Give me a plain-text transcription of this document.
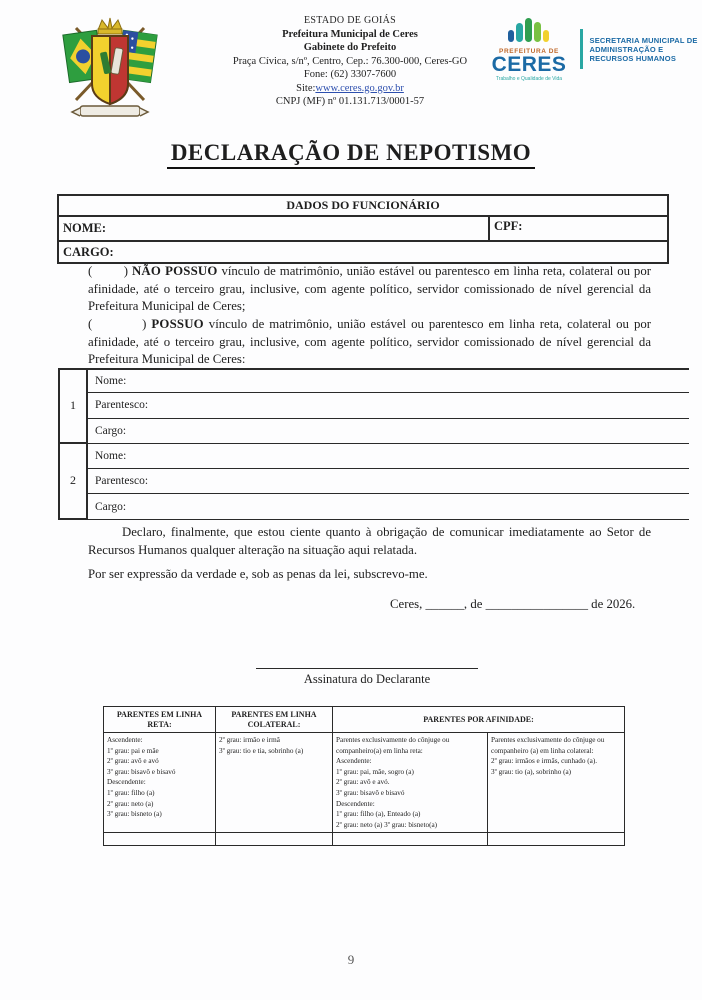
ESTADO DE GOIÁS
Prefeitura Municipal de Ceres
Gabinete do Prefeito
Praça Cívica, s/nº, Centro, Cep.: 76.300-000, Ceres-GO
Fone: (62) 3307-7600
Site:www.ceres.go.gov.br
CNPJ (MF) nº 01.131.713/0001-57
PREFEITURA DE
CERES
Trabalho e Qualidade de Vida
SECRETARIA MUNICIPAL DE ADMINISTRAÇÃO E RECURSOS HUMANOS
DECLARAÇÃO DE NEPOTISMO
DADOS DO FUNCIONÁRIO
NOME:	CPF:
CARGO:
(        ) NÃO POSSUO vínculo de matrimônio, união estável ou parentesco em linha reta, colateral ou por afinidade, até o terceiro grau, inclusive, com agente político, servidor comissionado de nível gerencial da Prefeitura Municipal de Ceres;
(          ) POSSUO vínculo de matrimônio, união estável ou parentesco em linha reta, colateral ou por afinidade, até o terceiro grau, inclusive, com agente político, servidor comissionado de nível gerencial da Prefeitura Municipal de Ceres:
1
Nome:
Parentesco:
Cargo:
2
Nome:
Parentesco:
Cargo:
Declaro, finalmente, que estou ciente quanto à obrigação de comunicar imediatamente ao Setor de Recursos Humanos qualquer alteração na situação aqui relatada.
Por ser expressão da verdade e, sob as penas da lei, subscrevo-me.
Ceres, ______, de ________________ de 2026.
Assinatura do Declarante
PARENTES EM LINHA RETA:	PARENTES EM LINHA COLATERAL:	PARENTES POR AFINIDADE:	

Ascendente:
1º grau: pai e mãe
2º grau: avô e avó
3º grau: bisavô e bisavó
Descendente:
1º grau: filho (a)
2º grau: neto (a)
3º grau: bisneto (a)

2º grau: irmão e irmã
3º grau: tio e tia, sobrinho (a)

Parentes exclusivamente do cônjuge ou companheiro(a) em linha reta:
Ascendente:
1º grau: pai, mãe, sogro (a)
2º grau: avô e avó.
3º grau: bisavô e bisavó
Descendente:
1º grau: filho (a), Enteado (a)
2º grau: neto (a) 3º grau: bisneto(a)

Parentes exclusivamente do cônjuge ou companheiro (a) em linha colateral:
2º grau: irmãos e irmãs, cunhado (a).
3º grau: tio (a), sobrinho (a)

9
